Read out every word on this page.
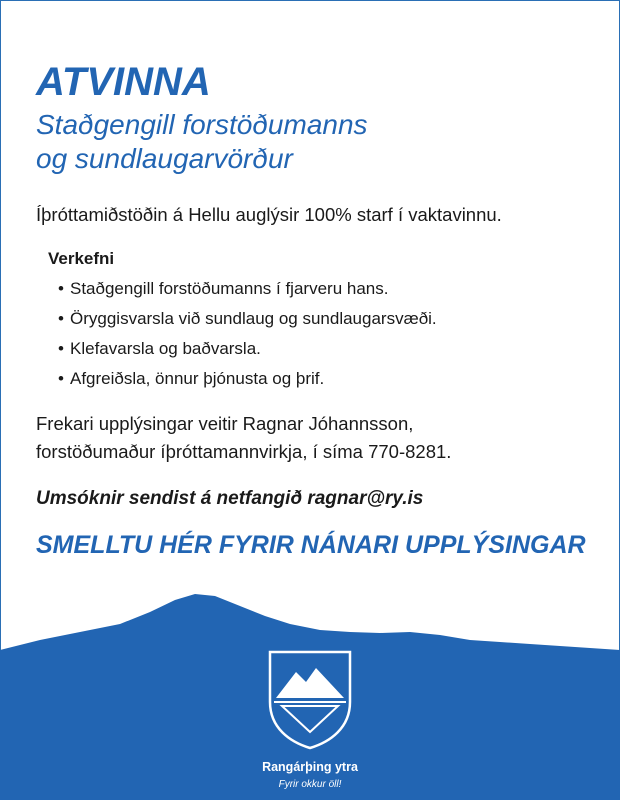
ATVINNA
Staðgengill forstöðumanns
og sundlaugarvörður

Íþróttamiðstöðin á Hellu auglýsir 100% starf í vaktavinnu.

Verkefni
• Staðgengill forstöðumanns í fjarveru hans.
• Öryggisvarsla við sundlaug og sundlaugarsvæði.
• Klefavarsla og baðvarsla.
• Afgreiðsla, önnur þjónusta og þrif.
Frekari upplýsingar veitir Ragnar Jóhannsson,
forstöðumaður íþróttamannvirkja, í síma 770-8281.

Umsóknir sendist á netfangið ragnar@ry.is

SMELLTU HÉR FYRIR NÁNARI UPPLÝSINGAR

Rangárþing ytra
Fyrir okkur öll!
